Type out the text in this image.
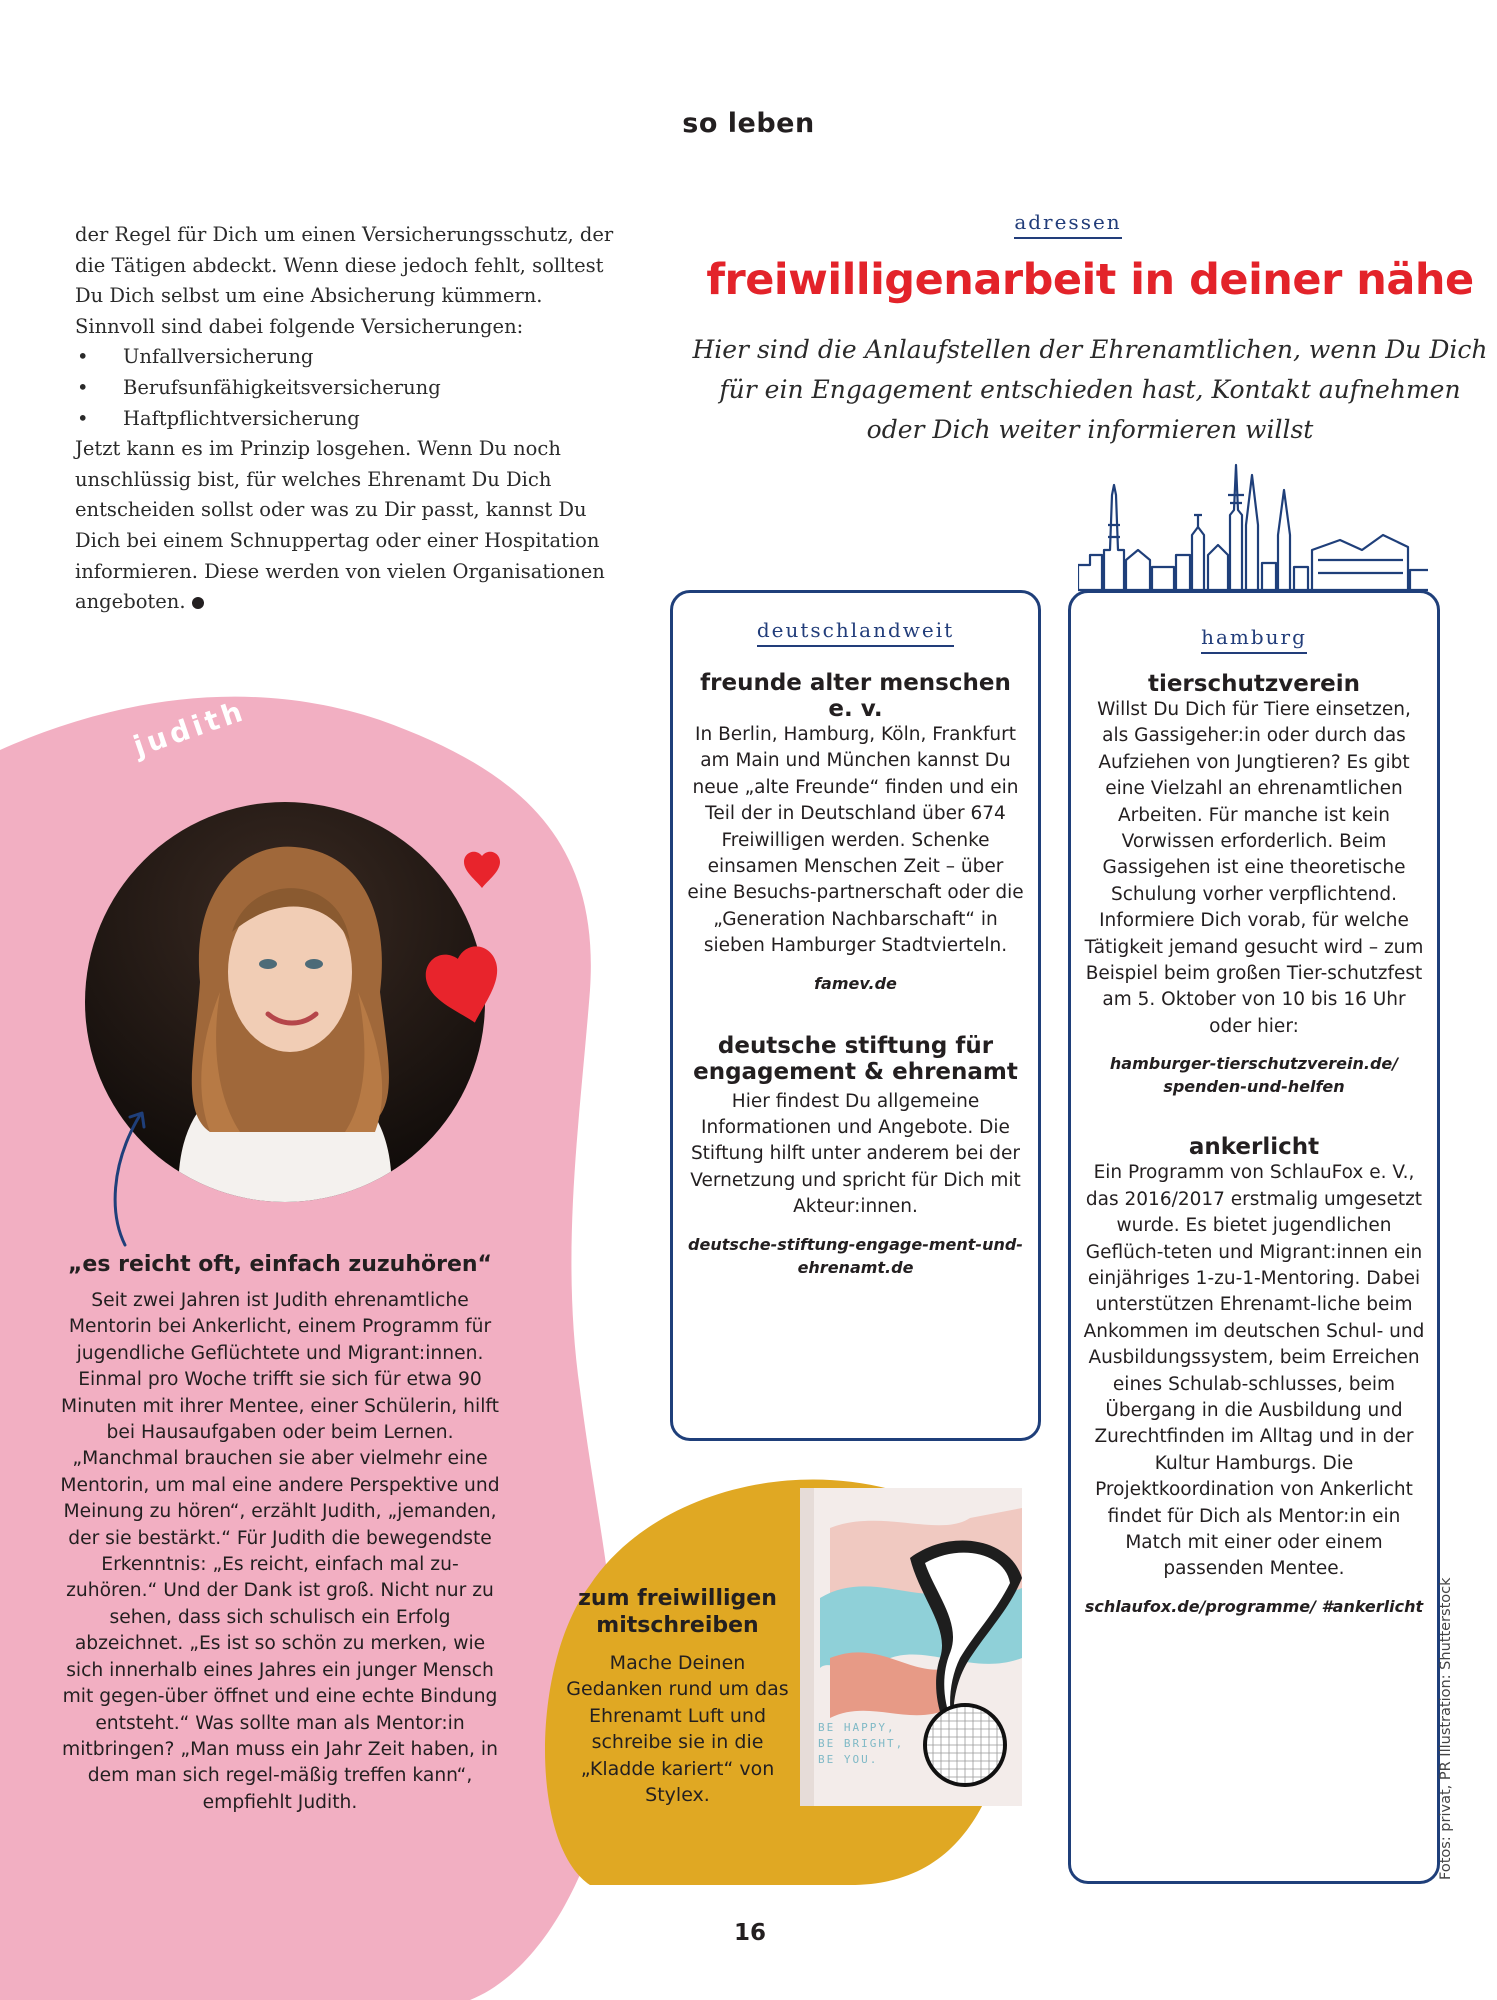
so leben

der Regel für Dich um einen Versicherungsschutz, der die Tätigen abdeckt. Wenn diese jedoch fehlt, solltest Du Dich selbst um eine Absicherung kümmern. Sinnvoll sind dabei folgende Versicherungen:

• Unfallversicherung
• Berufsunfähigkeitsversicherung
• Haftpflichtversicherung

Jetzt kann es im Prinzip losgehen. Wenn Du noch unschlüssig bist, für welches Ehrenamt Du Dich entscheiden sollst oder was zu Dir passt, kannst Du Dich bei einem Schnuppertag oder einer Hospitation informieren. Diese werden von vielen Organisationen angeboten.

adressen
freiwilligenarbeit in deiner nähe
Hier sind die Anlaufstellen der Ehrenamtlichen, wenn Du Dich für ein Engagement entschieden hast, Kontakt aufnehmen oder Dich weiter informieren willst
deutschlandweit
freunde alter menschen e. v.
In Berlin, Hamburg, Köln, Frankfurt am Main und München kannst Du neue „alte Freunde“ finden und ein Teil der in Deutschland über 674 Freiwilligen werden. Schenke einsamen Menschen Zeit – über eine Besuchs-partnerschaft oder die „Generation Nachbarschaft“ in sieben Hamburger Stadtvierteln.
famev.de
deutsche stiftung für engagement & ehrenamt
Hier findest Du allgemeine Informationen und Angebote. Die Stiftung hilft unter anderem bei der Vernetzung und spricht für Dich mit Akteur:innen.
deutsche-stiftung-engage-ment-und-ehrenamt.de
hamburg
tierschutzverein
Willst Du Dich für Tiere einsetzen, als Gassigeher:in oder durch das Aufziehen von Jungtieren? Es gibt eine Vielzahl an ehrenamtlichen Arbeiten. Für manche ist kein Vorwissen erforderlich. Beim Gassigehen ist eine theoretische Schulung vorher verpflichtend. Informiere Dich vorab, für welche Tätigkeit jemand gesucht wird – zum Beispiel beim großen Tier-schutzfest am 5. Oktober von 10 bis 16 Uhr oder hier:
hamburger-tierschutzverein.de/ spenden-und-helfen
ankerlicht
Ein Programm von SchlauFox e. V., das 2016/2017 erstmalig umgesetzt wurde. Es bietet jugendlichen Geflüch-teten und Migrant:innen ein einjähriges 1-zu-1-Mentoring. Dabei unterstützen Ehrenamt-liche beim Ankommen im deutschen Schul- und Ausbildungssystem, beim Erreichen eines Schulab-schlusses, beim Übergang in die Ausbildung und Zurechtfinden im Alltag und in der Kultur Hamburgs. Die Projektkoordination von Ankerlicht findet für Dich als Mentor:in ein Match mit einer oder einem passenden Mentee.
schlaufox.de/programme/ #ankerlicht
judith
„es reicht oft, einfach zuzuhören“
Seit zwei Jahren ist Judith ehrenamtliche Mentorin bei Ankerlicht, einem Programm für jugendliche Geflüchtete und Migrant:innen. Einmal pro Woche trifft sie sich für etwa 90 Minuten mit ihrer Mentee, einer Schülerin, hilft bei Hausaufgaben oder beim Lernen. „Manchmal brauchen sie aber vielmehr eine Mentorin, um mal eine andere Perspektive und Meinung zu hören“, erzählt Judith, „jemanden, der sie bestärkt.“ Für Judith die bewegendste Erkenntnis: „Es reicht, einfach mal zu-zuhören.“ Und der Dank ist groß. Nicht nur zu sehen, dass sich schulisch ein Erfolg abzeichnet. „Es ist so schön zu merken, wie sich innerhalb eines Jahres ein junger Mensch mit gegen-über öffnet und eine echte Bindung entsteht.“ Was sollte man als Mentor:in mitbringen? „Man muss ein Jahr Zeit haben, in dem man sich regel-mäßig treffen kann“, empfiehlt Judith.
zum freiwilligen mitschreiben
Mache Deinen Gedanken rund um das Ehrenamt Luft und schreibe sie in die „Kladde kariert“ von Stylex.
BE HAPPY,
BE BRIGHT,
BE YOU.
16
Fotos: privat, PR Illustration: Shutterstock
